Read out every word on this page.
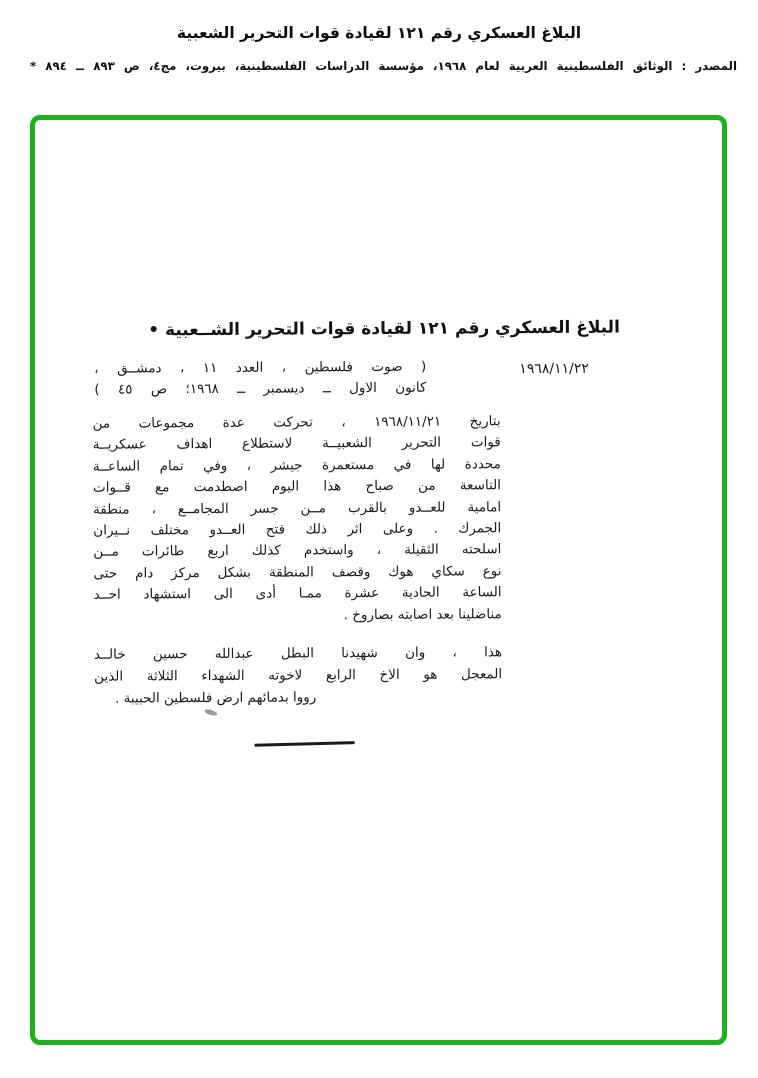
البلاغ العسكري رقم ١٢١ لقيادة قوات التحرير الشعبية
المصدر : الوثائق الفلسطينية العربية لعام ١٩٦٨، مؤسسة الدراسات الفلسطينية، بيروت، مج٤، ص ٨٩٣ ــ ٨٩٤ *
البلاغ العسكري رقم ١٢١ لقيادة قوات التحرير الشــعبية •
١٩٦٨/١١/٢٢
( صوت فلسطين ، العدد ١١ ، دمشــق ،
كانون الاول ــ ديسمبر ــ ١٩٦٨؛ ص ٤٥ )
بتاريخ ١٩٦٨/١١/٢١ ، تحركت عدة مجموعات من
قوات التحرير الشعبيــة لاستطلاع اهداف عسكريــة
محددة لها في مستعمرة جيشر ، وفي تمام الساعــة
التاسعة من صباح هذا اليوم اصطدمت مع قــوات
امامية للعــدو بالقرب مــن جسر المجامــع ، منطقة
الجمرك . وعلى اثر ذلك فتح العــدو مختلف نــيران
اسلحته الثقيلة ، واستخدم كذلك اربع طائرات مــن
نوع سكاي هوك وقصف المنطقة بشكل مركز دام حتى
الساعة الحادية عشرة ممـا أدى الى استشهاد احــد
مناضلينا بعد اصابته بصاروخ .
هذا ، وان شهيدنا البطل عبدالله حسين خالــد
المعجل هو الاخ الرابع لاخوته الشهداء الثلاثة الذين
رووا بدمائهم ارض فلسطين الحبيبة .
